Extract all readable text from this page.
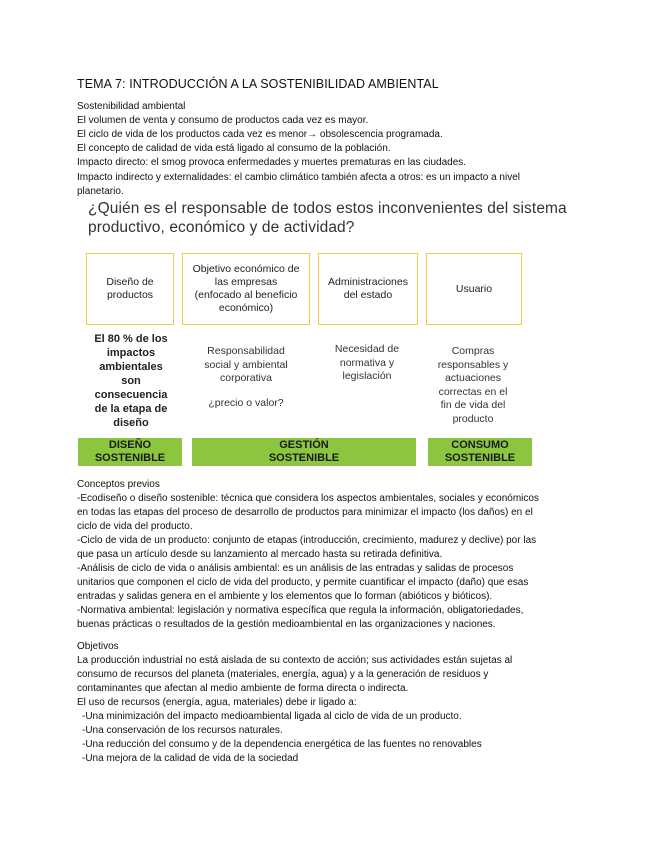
TEMA 7: INTRODUCCIÓN A LA SOSTENIBILIDAD AMBIENTAL
Sostenibilidad ambiental
El volumen de venta y consumo de productos cada vez es mayor.
El ciclo de vida de los productos cada vez es menor→ obsolescencia programada.
El concepto de calidad de vida está ligado al consumo de la población.
Impacto directo: el smog provoca enfermedades y muertes prematuras en las ciudades.
Impacto indirecto y externalidades: el cambio climático también afecta a otros: es un impacto a nivel
planetario.
¿Quién es el responsable de todos estos inconvenientes del sistema
productivo, económico y de actividad?
Diseño de
productos
Objetivo económico de
las empresas
(enfocado al beneficio
económico)
Administraciones
del estado
Usuario
El 80 % de los
impactos
ambientales
son
consecuencia
de la etapa de
diseño
Responsabilidad
social y ambiental
corporativa
¿precio o valor?
Necesidad de
normativa y
legislación
Compras
responsables y
actuaciones
correctas en el
fin de vida del
producto
DISEÑO
SOSTENIBLE
GESTIÓN
SOSTENIBLE
CONSUMO
SOSTENIBLE
Conceptos previos
-Ecodiseño o diseño sostenible: técnica que considera los aspectos ambientales, sociales y económicos
en todas las etapas del proceso de desarrollo de productos para minimizar el impacto (los daños) en el
ciclo de vida del producto.
-Ciclo de vida de un producto: conjunto de etapas (introducción, crecimiento, madurez y declive) por las
que pasa un artículo desde su lanzamiento al mercado hasta su retirada definitiva.
-Análisis de ciclo de vida o análisis ambiental: es un análisis de las entradas y salidas de procesos
unitarios que componen el ciclo de vida del producto, y permite cuantificar el impacto (daño) que esas
entradas y salidas genera en el ambiente y los elementos que lo forman (abióticos y bióticos).
-Normativa ambiental: legislación y normativa específica que regula la información, obligatoriedades,
buenas prácticas o resultados de la gestión medioambiental en las organizaciones y naciones.
Objetivos
La producción industrial no está aislada de su contexto de acción; sus actividades están sujetas al
consumo de recursos del planeta (materiales, energía, agua) y a la generación de residuos y
contaminantes que afectan al medio ambiente de forma directa o indirecta.
El uso de recursos (energía, agua, materiales) debe ir ligado a:
-Una minimización del impacto medioambiental ligada al ciclo de vida de un producto.
-Una conservación de los recursos naturales.
-Una reducción del consumo y de la dependencia energética de las fuentes no renovables
-Una mejora de la calidad de vida de la sociedad
